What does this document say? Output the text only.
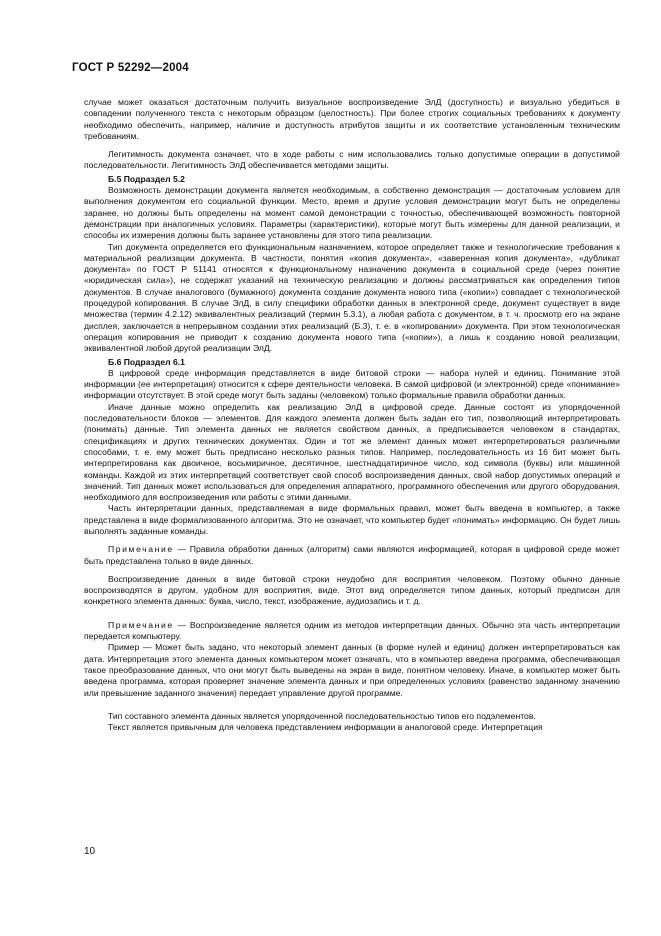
ГОСТ Р 52292—2004

случае может оказаться достаточным получить визуальное воспроизведение ЭлД (доступность) и визуально убедиться в совпадении полученного текста с некоторым образцом (целостность). При более строгих социальных требованиях к документу необходимо обеспечить, например, наличие и доступность атрибутов защиты и их соответствие установленным техническим требованиям.

Легитимность документа означает, что в ходе работы с ним использовались только допустимые операции в допустимой последовательности. Легитимность ЭлД обеспечивается методами защиты.

Б.5 Подраздел 5.2

Возможность демонстрации документа является необходимым, а собственно демонстрация — достаточным условием для выполнения документом его социальной функции. Место, время и другие условия демонстрации могут быть не определены заранее, но должны быть определены на момент самой демонстрации с точностью, обеспечивающей возможность повторной демонстрации при аналогичных условиях. Параметры (характеристики), которые могут быть измерены для данной реализации, и способы их измерения должны быть заранее установлены для этого типа реализации.

Тип документа определяется его функциональным назначением, которое определяет также и технологические требования к материальной реализации документа. В частности, понятия «копия документа», «заверенная копия документа», «дубликат документа» по ГОСТ Р 51141 относятся к функциональному назначению документа в социальной среде (через понятие «юридическая сила»), не содержат указаний на техническую реализацию и должны рассматриваться как определения типов документов. В случае аналогового (бумажного) документа создание документа нового типа («копии») совпадает с технологической процедурой копирования. В случае ЭлД, в силу специфики обработки данных в электронной среде, документ существует в виде множества (термин 4.2.12) эквивалентных реализаций (термин 5.3.1), а любая работа с документом, в т. ч. просмотр его на экране дисплея, заключается в непрерывном создании этих реализаций (Б.3), т. е. в «копировании» документа. При этом технологическая операция копирования не приводит к созданию документа нового типа («копии»), а лишь к созданию новой реализации, эквивалентной любой другой реализации ЭлД.

Б.6 Подраздел 6.1

В цифровой среде информация представляется в виде битовой строки — набора нулей и единиц. Понимание этой информации (ее интерпретация) относится к сфере деятельности человека. В самой цифровой (и электронной) среде «понимание» информации отсутствует. В этой среде могут быть заданы (человеком) только формальные правила обработки данных.

Иначе данные можно определить как реализацию ЭлД в цифровой среде. Данные состоят из упорядоченной последовательности блоков — элементов. Для каждого элемента должен быть задан его тип, позволяющий интерпретировать (понимать) данные. Тип элемента данных не является свойством данных, а предписывается человеком в стандартах, спецификациях и других технических документах. Один и тот же элемент данных может интерпретироваться различными способами, т. е. ему может быть предписано несколько разных типов. Например, последовательность из 16 бит может быть интерпретирована как двоичное, восьмиричное, десятичное, шестнадцатиричное число, код символа (буквы) или машинной команды. Каждой из этих интерпретаций соответствует свой способ воспроизведения данных, свой набор допустимых операций и значений. Тип данных может использоваться для определения аппаратного, программного обеспечения или другого оборудования, необходимого для воспроизведения или работы с этими данными.

Часть интерпретации данных, представляемая в виде формальных правил, может быть введена в компьютер, а также представлена в виде формализованного алгоритма. Это не означает, что компьютер будет «понимать» информацию. Он будет лишь выполнять заданные команды.

Примечание — Правила обработки данных (алгоритм) сами являются информацией, которая в цифровой среде может быть представлена только в виде данных.

Воспроизведение данных в виде битовой строки неудобно для восприятия человеком. Поэтому обычно данные воспроизводятся в другом, удобном для восприятия, виде. Этот вид определяется типом данных, который предписан для конкретного элемента данных: буква, число, текст, изображение, аудиозапись и т. д.

Примечание — Воспроизведение является одним из методов интерпретации данных. Обычно эта часть интерпретации передается компьютеру.

Пример — Может быть задано, что некоторый элемент данных (в форме нулей и единиц) должен интерпретироваться как дата. Интерпретация этого элемента данных компьютером может означать, что в компьютер введена программа, обеспечивающая такое преобразование данных, что они могут быть выведены на экран в виде, понятном человеку. Иначе, в компьютер может быть введена программа, которая проверяет значение элемента данных и при определенных условиях (равенство заданному значению или превышение заданного значения) передает управление другой программе.

Тип составного элемента данных является упорядоченной последовательностью типов его подэлементов.

Текст является привычным для человека представлением информации в аналоговой среде. Интерпретация

10
